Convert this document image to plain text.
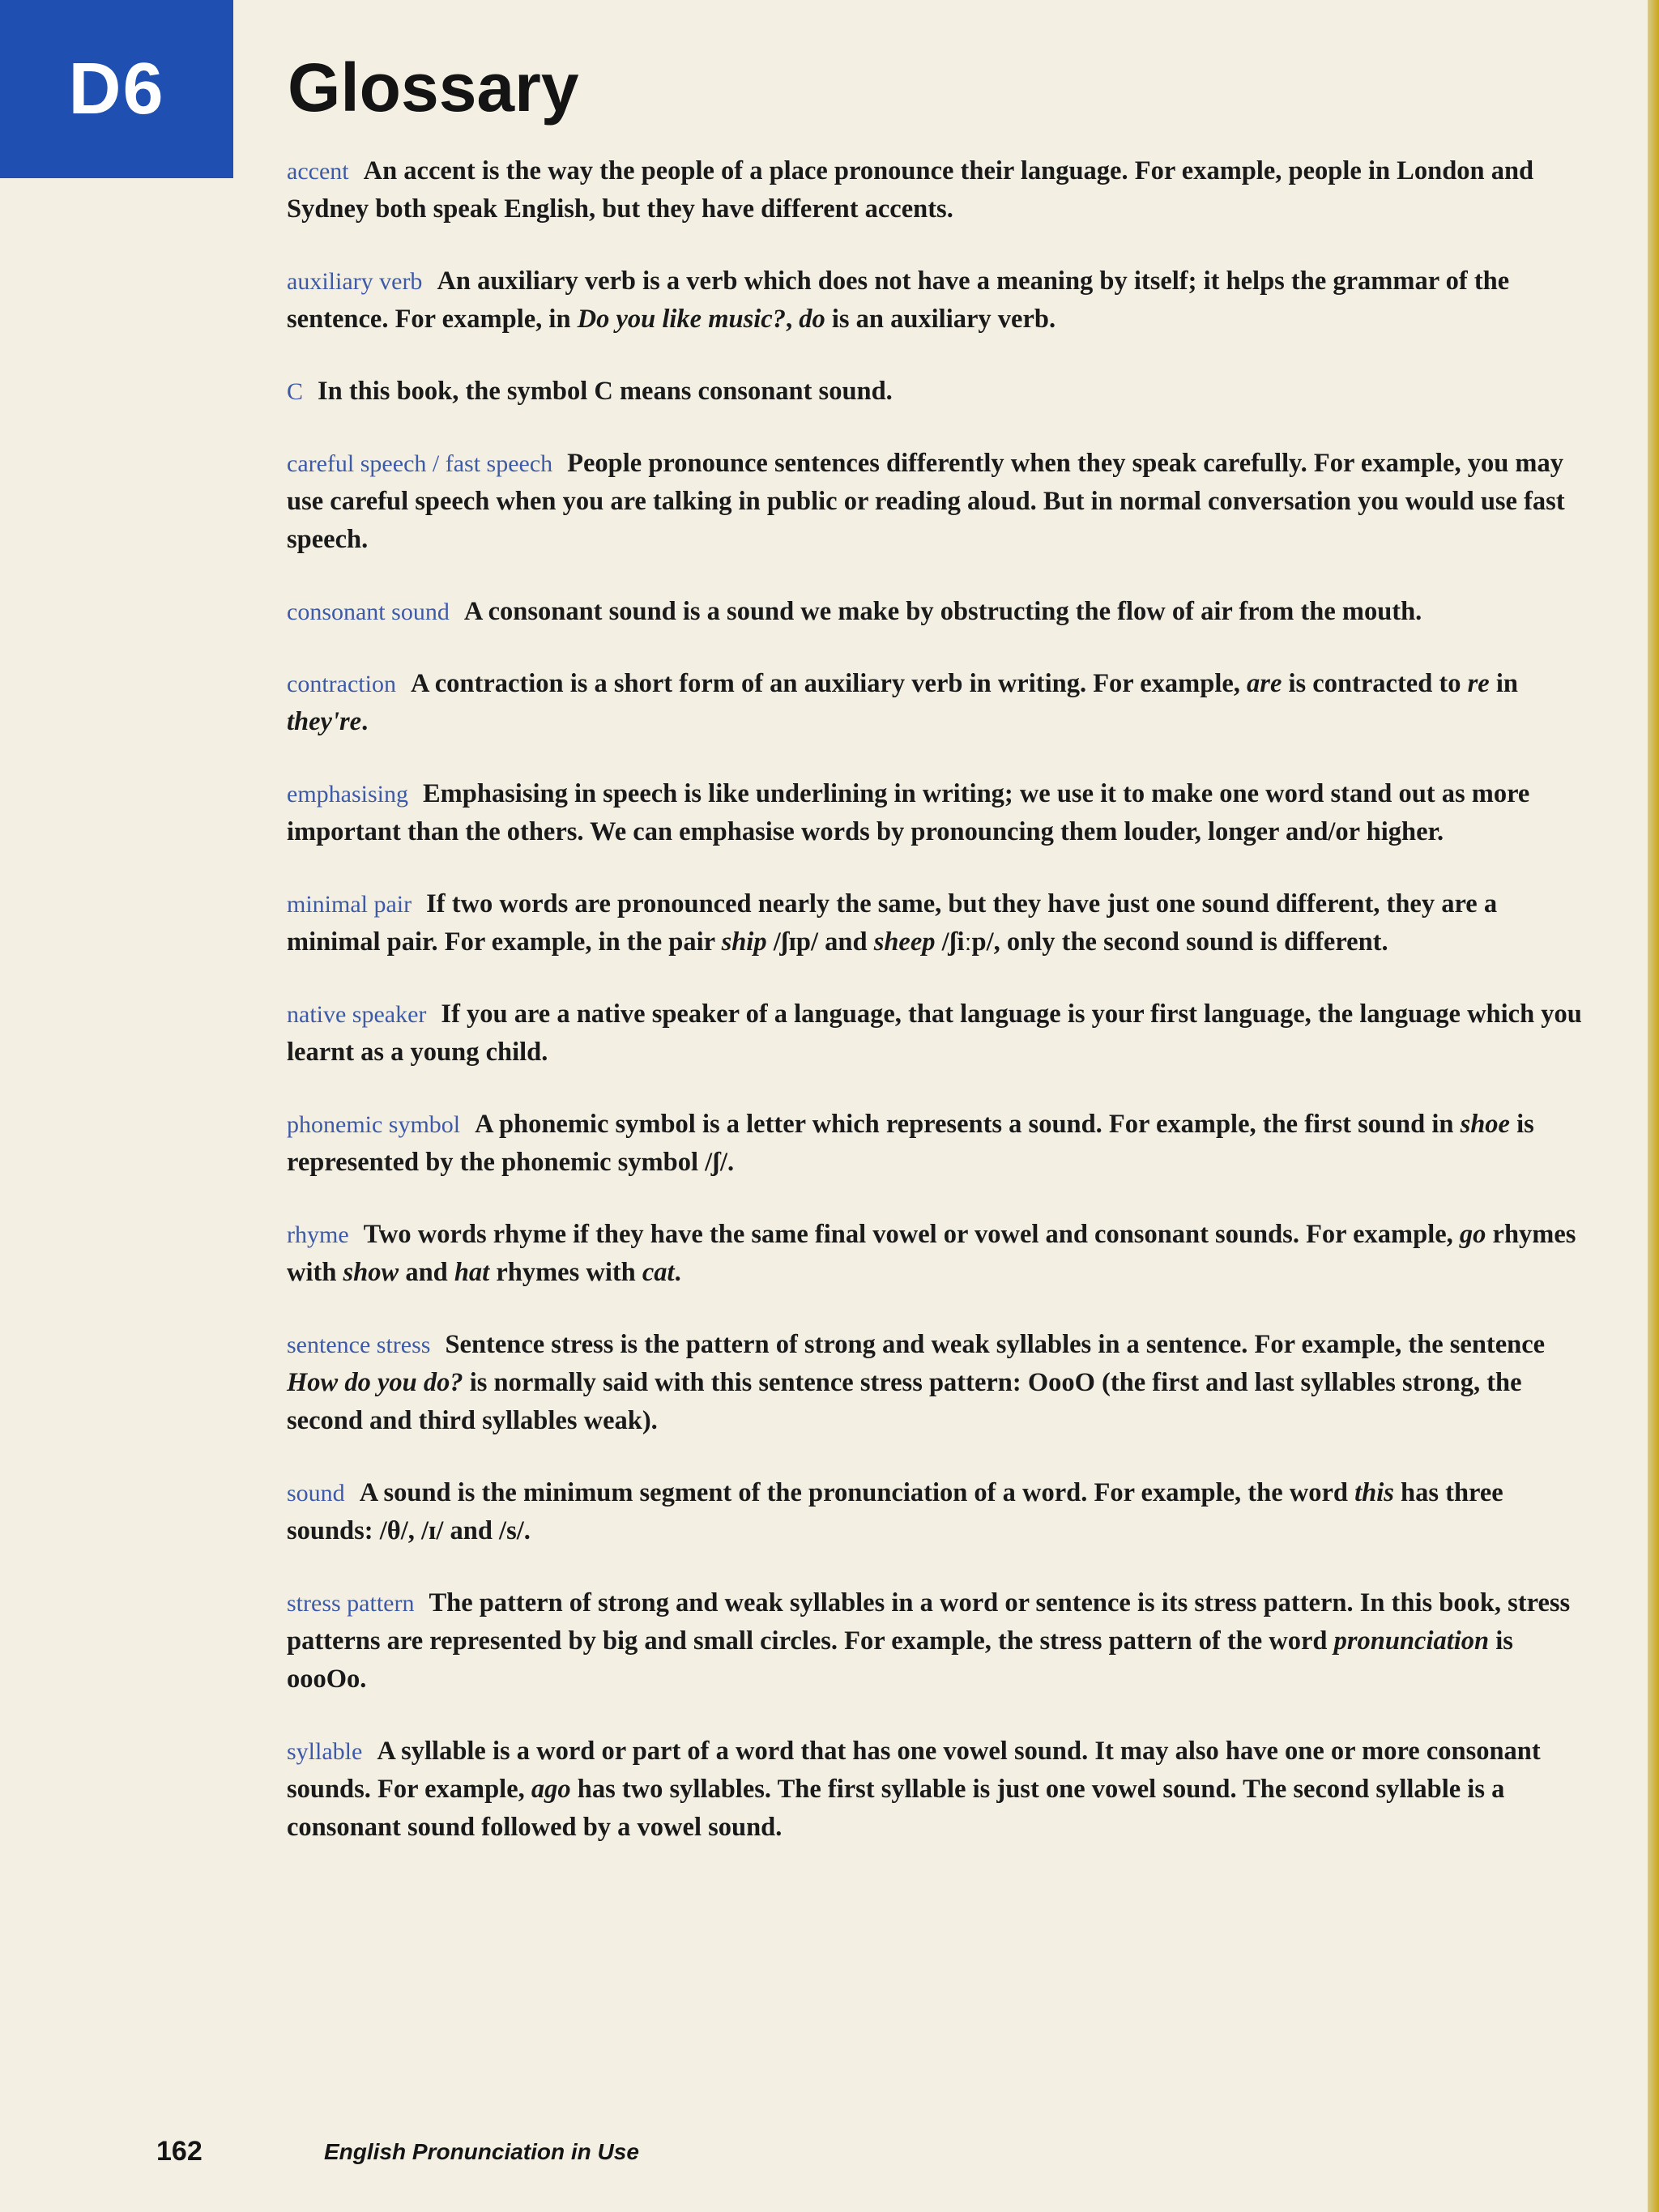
D6	Glossary
accent An accent is the way the people of a place pronounce their language. For example, people in London and Sydney both speak English, but they have different accents.
auxiliary verb An auxiliary verb is a verb which does not have a meaning by itself; it helps the grammar of the sentence. For example, in Do you like music?, do is an auxiliary verb.
C In this book, the symbol C means consonant sound.
careful speech / fast speech People pronounce sentences differently when they speak carefully. For example, you may use careful speech when you are talking in public or reading aloud. But in normal conversation you would use fast speech.
consonant sound A consonant sound is a sound we make by obstructing the flow of air from the mouth.
contraction A contraction is a short form of an auxiliary verb in writing. For example, are is contracted to re in they're.
emphasising Emphasising in speech is like underlining in writing; we use it to make one word stand out as more important than the others. We can emphasise words by pronouncing them louder, longer and/or higher.
minimal pair If two words are pronounced nearly the same, but they have just one sound different, they are a minimal pair. For example, in the pair ship /ʃɪp/ and sheep /ʃiːp/, only the second sound is different.
native speaker If you are a native speaker of a language, that language is your first language, the language which you learnt as a young child.
phonemic symbol A phonemic symbol is a letter which represents a sound. For example, the first sound in shoe is represented by the phonemic symbol /ʃ/.
rhyme Two words rhyme if they have the same final vowel or vowel and consonant sounds. For example, go rhymes with show and hat rhymes with cat.
sentence stress Sentence stress is the pattern of strong and weak syllables in a sentence. For example, the sentence How do you do? is normally said with this sentence stress pattern: OooO (the first and last syllables strong, the second and third syllables weak).
sound A sound is the minimum segment of the pronunciation of a word. For example, the word this has three sounds: /θ/, /ɪ/ and /s/.
stress pattern The pattern of strong and weak syllables in a word or sentence is its stress pattern. In this book, stress patterns are represented by big and small circles. For example, the stress pattern of the word pronunciation is oooOo.
syllable A syllable is a word or part of a word that has one vowel sound. It may also have one or more consonant sounds. For example, ago has two syllables. The first syllable is just one vowel sound. The second syllable is a consonant sound followed by a vowel sound.
162	English Pronunciation in Use
